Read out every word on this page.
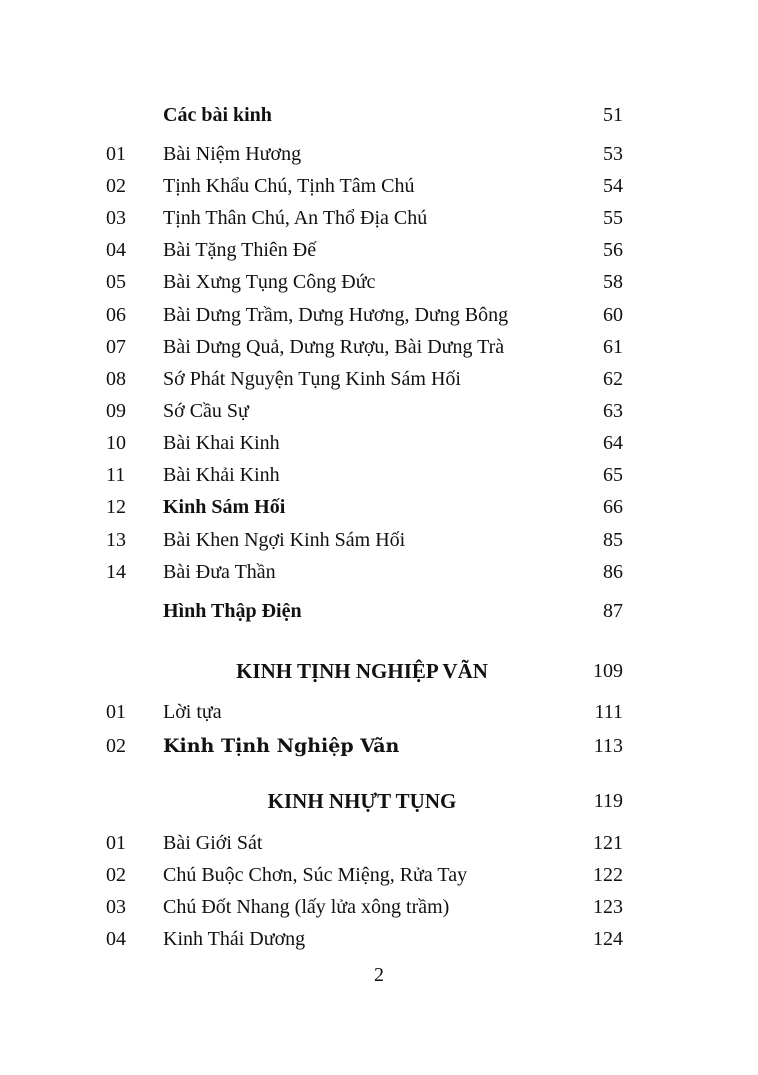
Các bài kinh	51
01 Bài Niệm Hương	53
02 Tịnh Khẩu Chú, Tịnh Tâm Chú	54
03 Tịnh Thân Chú, An Thổ Địa Chú	55
04 Bài Tặng Thiên Đế	56
05 Bài Xưng Tụng Công Đức	58
06 Bài Dưng Trầm, Dưng Hương, Dưng Bông	60
07 Bài Dưng Quả, Dưng Rượu, Bài Dưng Trà	61
08 Sớ Phát Nguyện Tụng Kinh Sám Hối	62
09 Sớ Cầu Sự	63
10 Bài Khai Kinh	64
11 Bài Khải Kinh	65
12 Kinh Sám Hối	66
13 Bài Khen Ngợi Kinh Sám Hối	85
14 Bài Đưa Thần	86
Hình Thập Điện	87
KINH TỊNH NGHIỆP VÃN	109
01 Lời tựa	111
02 Kinh Tịnh Nghiệp Vãn	113
KINH NHỰT TỤNG	119
01 Bài Giới Sát	121
02 Chú Buộc Chơn, Súc Miệng, Rửa Tay	122
03 Chú Đốt Nhang (lấy lửa xông trầm)	123
04 Kinh Thái Dương	124
2
